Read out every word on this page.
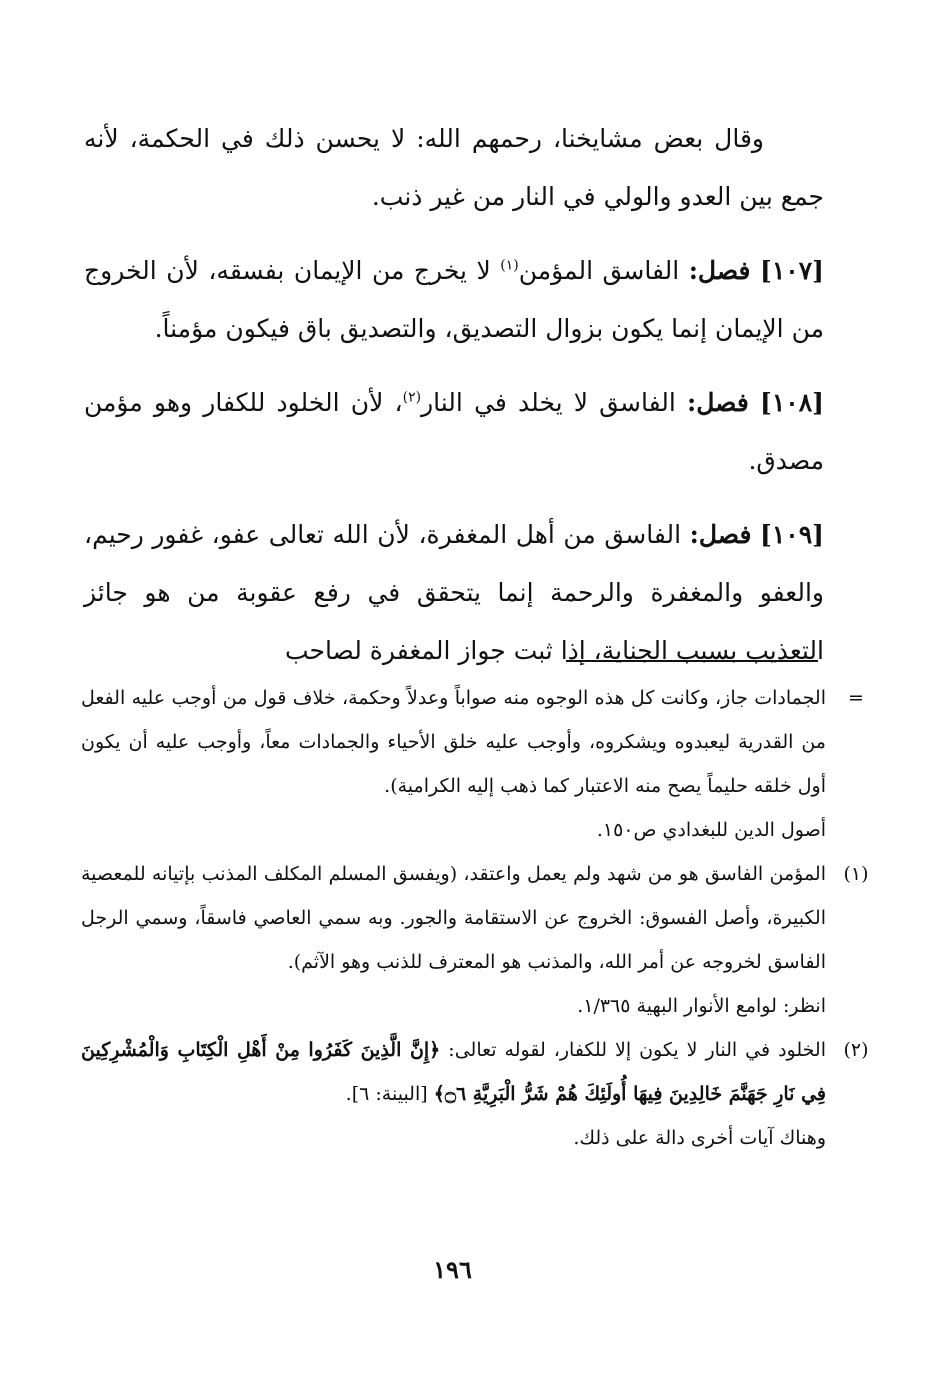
وقال بعض مشايخنا، رحمهم الله: لا يحسن ذلك في الحكمة، لأنه جمع بين العدو والولي في النار من غير ذنب.

[١٠٧] فصل: الفاسق المؤمن$^{(١)}$ لا يخرج من الإيمان بفسقه، لأن الخروج من الإيمان إنما يكون بزوال التصديق، والتصديق باق فيكون مؤمناً.

[١٠٨] فصل: الفاسق لا يخلد في النار$^{(٢)}$، لأن الخلود للكفار وهو مؤمن مصدق.

[١٠٩] فصل: الفاسق من أهل المغفرة، لأن الله تعالى عفو، غفور رحيم، والعفو والمغفرة والرحمة إنما يتحقق في رفع عقوبة من هو جائز التعذيب بسبب الجناية، إذا ثبت جواز المغفرة لصاحب

=

الجمادات جاز، وكانت كل هذه الوجوه منه صواباً وعدلاً وحكمة، خلاف قول من أوجب عليه الفعل من القدرية ليعبدوه ويشكروه، وأوجب عليه خلق الأحياء والجمادات معاً، وأوجب عليه أن يكون أول خلقه حليماً يصح منه الاعتبار كما ذهب إليه الكرامية).

أصول الدين للبغدادي ص١٥٠.

(١)

المؤمن الفاسق هو من شهد ولم يعمل واعتقد، (ويفسق المسلم المكلف المذنب بإتيانه للمعصية الكبيرة، وأصل الفسوق: الخروج عن الاستقامة والجور. وبه سمي العاصي فاسقاً، وسمي الرجل الفاسق لخروجه عن أمر الله، والمذنب هو المعترف للذنب وهو الآثم).

انظر: لوامع الأنوار البهية ١/٣٦٥.

(٢)

الخلود في النار لا يكون إلا للكفار، لقوله تعالى: ﴿إِنَّ الَّذِينَ كَفَرُوا مِنْ أَهْلِ الْكِتَابِ وَالْمُشْرِكِينَ فِي نَارِ جَهَنَّمَ خَالِدِينَ فِيهَا أُولَئِكَ هُمْ شَرُّ الْبَرِيَّةِ ۝٦﴾ [البينة: ٦].

وهناك آيات أخرى دالة على ذلك.

١٩٦
